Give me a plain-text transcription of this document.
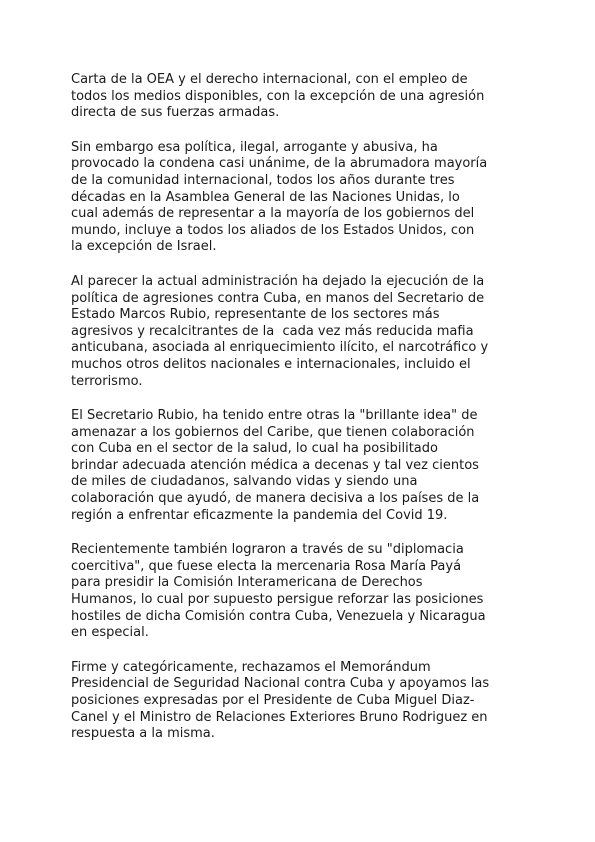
Carta de la OEA y el derecho internacional, con el empleo de
todos los medios disponibles, con la excepción de una agresión
directa de sus fuerzas armadas.

Sin embargo esa política, ilegal, arrogante y abusiva, ha
provocado la condena casi unánime, de la abrumadora mayoría
de la comunidad internacional, todos los años durante tres
décadas en la Asamblea General de las Naciones Unidas, lo
cual además de representar a la mayoría de los gobiernos del
mundo, incluye a todos los aliados de los Estados Unidos, con
la excepción de Israel.

Al parecer la actual administración ha dejado la ejecución de la
política de agresiones contra Cuba, en manos del Secretario de
Estado Marcos Rubio, representante de los sectores más
agresivos y recalcitrantes de la  cada vez más reducida mafia
anticubana, asociada al enriquecimiento ilícito, el narcotráfico y
muchos otros delitos nacionales e internacionales, incluido el
terrorismo.

El Secretario Rubio, ha tenido entre otras la "brillante idea" de
amenazar a los gobiernos del Caribe, que tienen colaboración
con Cuba en el sector de la salud, lo cual ha posibilitado
brindar adecuada atención médica a decenas y tal vez cientos
de miles de ciudadanos, salvando vidas y siendo una
colaboración que ayudó, de manera decisiva a los países de la
región a enfrentar eficazmente la pandemia del Covid 19.

Recientemente también lograron a través de su "diplomacia
coercitiva", que fuese electa la mercenaria Rosa María Payá
para presidir la Comisión Interamericana de Derechos
Humanos, lo cual por supuesto persigue reforzar las posiciones
hostiles de dicha Comisión contra Cuba, Venezuela y Nicaragua
en especial.

Firme y categóricamente, rechazamos el Memorándum
Presidencial de Seguridad Nacional contra Cuba y apoyamos las
posiciones expresadas por el Presidente de Cuba Miguel Diaz-
Canel y el Ministro de Relaciones Exteriores Bruno Rodriguez en
respuesta a la misma.
